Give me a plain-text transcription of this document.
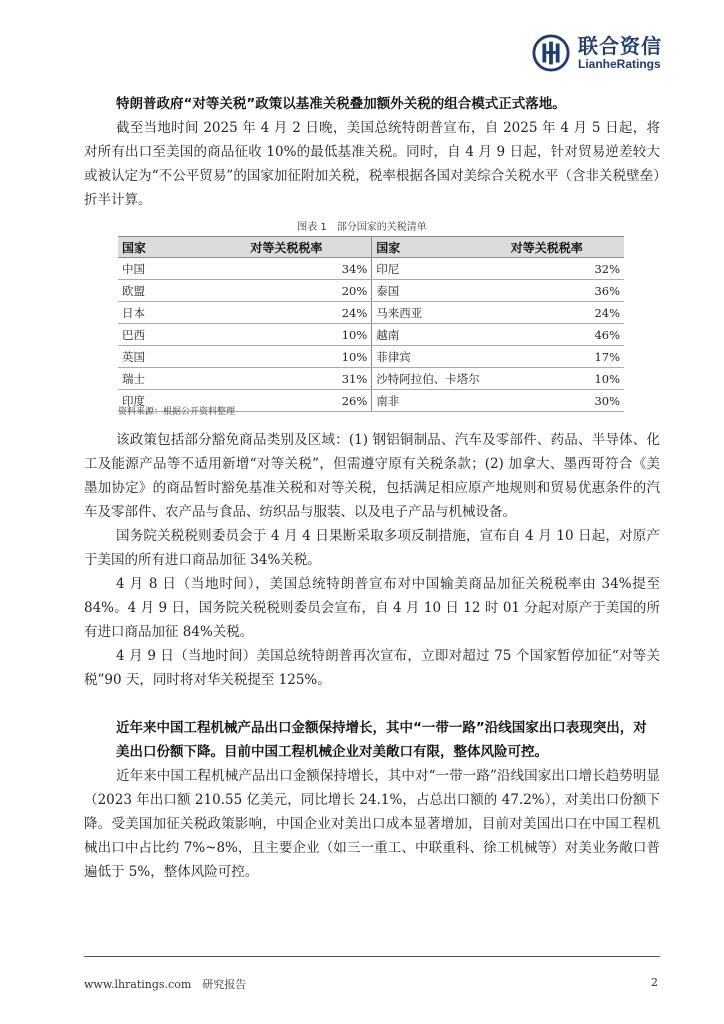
联合资信
LianheRatings
特朗普政府“对等关税”政策以基准关税叠加额外关税的组合模式正式落地。
截至当地时间 2025 年 4 月 2 日晚，美国总统特朗普宣布，自 2025 年 4 月 5 日起，将对所有出口至美国的商品征收 10%的最低基准关税。同时，自 4 月 9 日起，针对贸易逆差较大或被认定为“不公平贸易”的国家加征附加关税，税率根据各国对美综合关税水平（含非关税壁垒）折半计算。
图表 1　部分国家的关税清单
国家	对等关税税率	国家	对等关税税率
中国	34%	印尼	32%
欧盟	20%	泰国	36%
日本	24%	马来西亚	24%
巴西	10%	越南	46%
英国	10%	菲律宾	17%
瑞士	31%	沙特阿拉伯、卡塔尔	10%
印度	26%	南非	30%
资料来源：根据公开资料整理
该政策包括部分豁免商品类别及区域：(1) 钢铝铜制品、汽车及零部件、药品、半导体、化工及能源产品等不适用新增“对等关税”，但需遵守原有关税条款；(2) 加拿大、墨西哥符合《美墨加协定》的商品暂时豁免基准关税和对等关税，包括满足相应原产地规则和贸易优惠条件的汽车及零部件、农产品与食品、纺织品与服装、以及电子产品与机械设备。
国务院关税税则委员会于 4 月 4 日果断采取多项反制措施，宣布自 4 月 10 日起，对原产于美国的所有进口商品加征 34%关税。
4 月 8 日（当地时间），美国总统特朗普宣布对中国输美商品加征关税税率由 34%提至 84%。4 月 9 日，国务院关税税则委员会宣布，自 4 月 10 日 12 时 01 分起对原产于美国的所有进口商品加征 84%关税。
4 月 9 日（当地时间）美国总统特朗普再次宣布，立即对超过 75 个国家暂停加征“对等关税”90 天，同时将对华关税提至 125%。
近年来中国工程机械产品出口金额保持增长，其中“一带一路”沿线国家出口表现突出，对美出口份额下降。目前中国工程机械企业对美敞口有限，整体风险可控。
近年来中国工程机械产品出口金额保持增长，其中对“一带一路”沿线国家出口增长趋势明显（2023 年出口额 210.55 亿美元，同比增长 24.1%，占总出口额的 47.2%），对美出口份额下降。受美国加征关税政策影响，中国企业对美出口成本显著增加，目前对美国出口在中国工程机械出口中占比约 7%~8%，且主要企业（如三一重工、中联重科、徐工机械等）对美业务敞口普遍低于 5%，整体风险可控。
www.lhratings.com　研究报告	2
